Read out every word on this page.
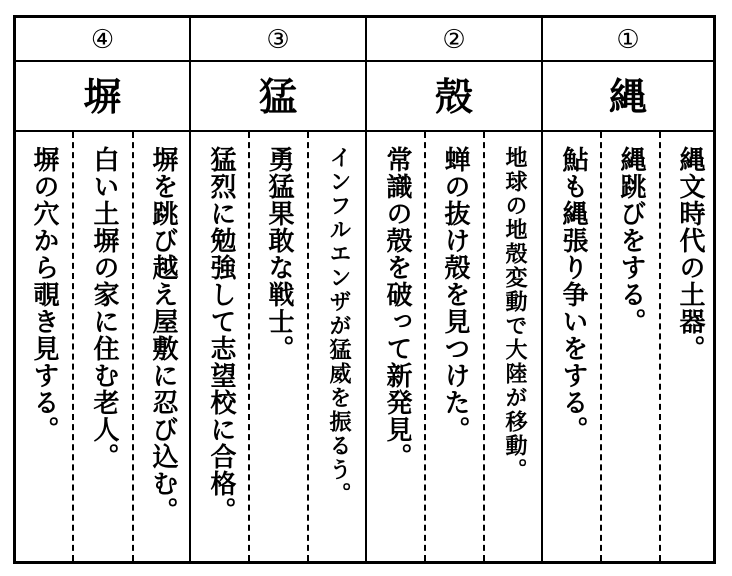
④
塀
塀の穴から覗き見する。 白い土塀の家に住む老人。 塀を跳び越え屋敷に忍び込む。
③
猛
猛烈に勉強して志望校に合格。 勇猛果敢な戦士。	インフルエンザが猛威を振るう。
②
殻
常識の殻を破って新発見。 蝉の抜け殻を見つけた。	地球の地殻変動で大陸が移動。
①
縄
鮎も縄張り争いをする。 縄跳びをする。 縄文時代の土器。
